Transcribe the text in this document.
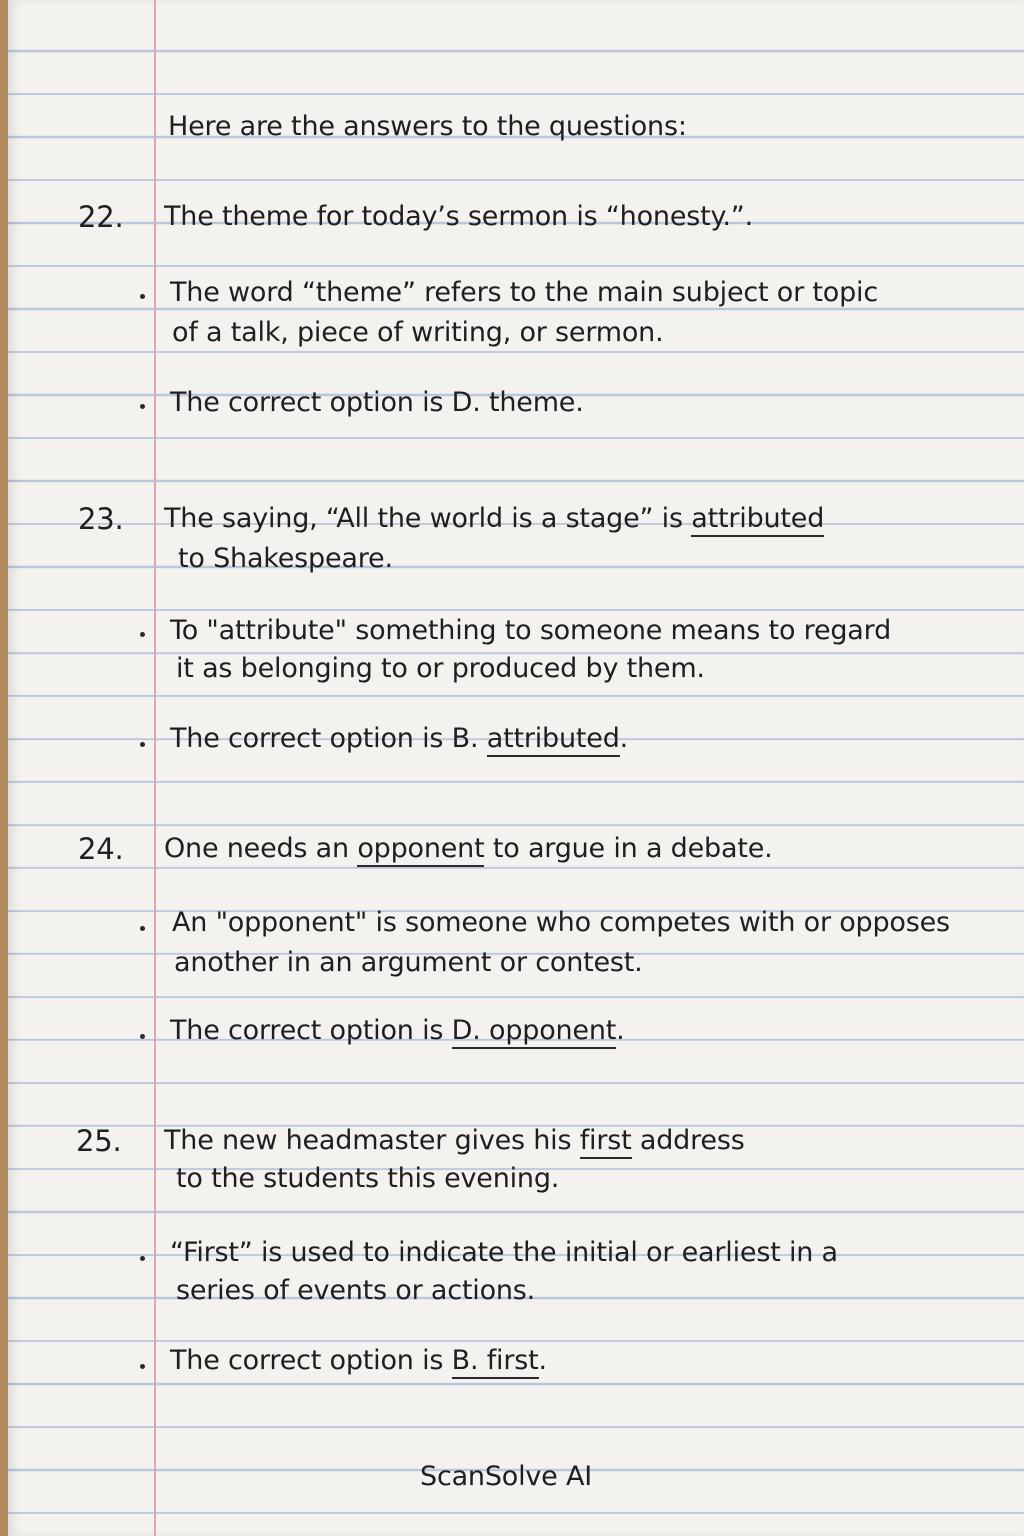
Here are the answers to the questions:

22. The theme for today’s sermon is “honesty.”.

The word “theme” refers to the main subject or topic

of a talk, piece of writing, or sermon.

The correct option is D. theme.

23. The saying, “All the world is a stage” is attributed

to Shakespeare.

To "attribute" something to someone means to regard

it as belonging to or produced by them.

The correct option is B. attributed.

24. One needs an opponent to argue in a debate.

An "opponent" is someone who competes with or opposes

another in an argument or contest.

The correct option is D. opponent.

25. The new headmaster gives his first address

to the students this evening.

“First” is used to indicate the initial or earliest in a

series of events or actions.

The correct option is B. first.

ScanSolve AI
